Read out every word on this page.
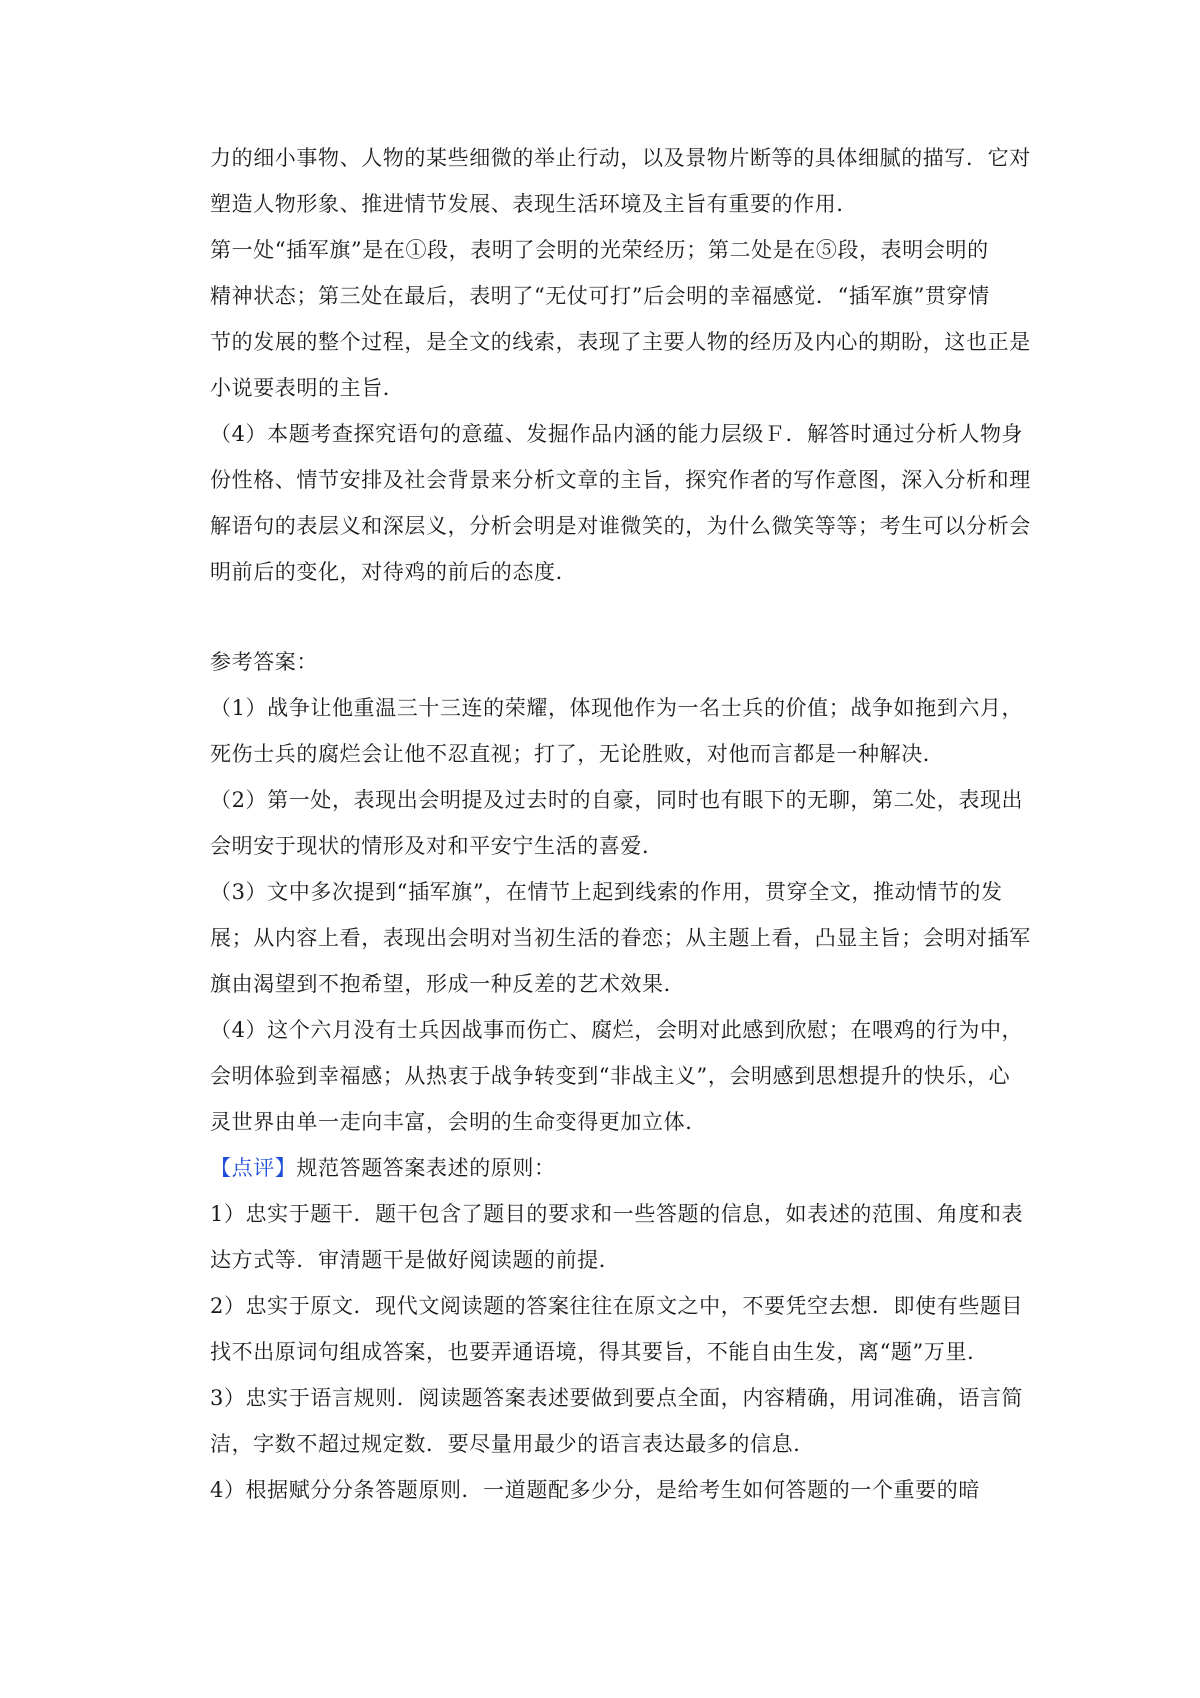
力的细小事物、人物的某些细微的举止行动，以及景物片断等的具体细腻的描写．它对
塑造人物形象、推进情节发展、表现生活环境及主旨有重要的作用．
第一处“插军旗”是在①段，表明了会明的光荣经历；第二处是在⑤段，表明会明的
精神状态；第三处在最后，表明了“无仗可打”后会明的幸福感觉．“插军旗”贯穿情
节的发展的整个过程，是全文的线索，表现了主要人物的经历及内心的期盼，这也正是
小说要表明的主旨．
（4）本题考查探究语句的意蕴、发掘作品内涵的能力层级Ｆ．解答时通过分析人物身
份性格、情节安排及社会背景来分析文章的主旨，探究作者的写作意图，深入分析和理
解语句的表层义和深层义，分析会明是对谁微笑的，为什么微笑等等；考生可以分析会
明前后的变化，对待鸡的前后的态度．
参考答案：
（1）战争让他重温三十三连的荣耀，体现他作为一名士兵的价值；战争如拖到六月，
死伤士兵的腐烂会让他不忍直视；打了，无论胜败，对他而言都是一种解决．
（2）第一处，表现出会明提及过去时的自豪，同时也有眼下的无聊，第二处，表现出
会明安于现状的情形及对和平安宁生活的喜爱．
（3）文中多次提到“插军旗”，在情节上起到线索的作用，贯穿全文，推动情节的发
展；从内容上看，表现出会明对当初生活的眷恋；从主题上看，凸显主旨；会明对插军
旗由渴望到不抱希望，形成一种反差的艺术效果．
（4）这个六月没有士兵因战事而伤亡、腐烂，会明对此感到欣慰；在喂鸡的行为中，
会明体验到幸福感；从热衷于战争转变到“非战主义”，会明感到思想提升的快乐，心
灵世界由单一走向丰富，会明的生命变得更加立体．
【点评】规范答题答案表述的原则：
1）忠实于题干．题干包含了题目的要求和一些答题的信息，如表述的范围、角度和表
达方式等．审清题干是做好阅读题的前提．
2）忠实于原文．现代文阅读题的答案往往在原文之中，不要凭空去想．即使有些题目
找不出原词句组成答案，也要弄通语境，得其要旨，不能自由生发，离“题”万里．
3）忠实于语言规则．阅读题答案表述要做到要点全面，内容精确，用词准确，语言简
洁，字数不超过规定数．要尽量用最少的语言表达最多的信息．
4）根据赋分分条答题原则．一道题配多少分，是给考生如何答题的一个重要的暗
